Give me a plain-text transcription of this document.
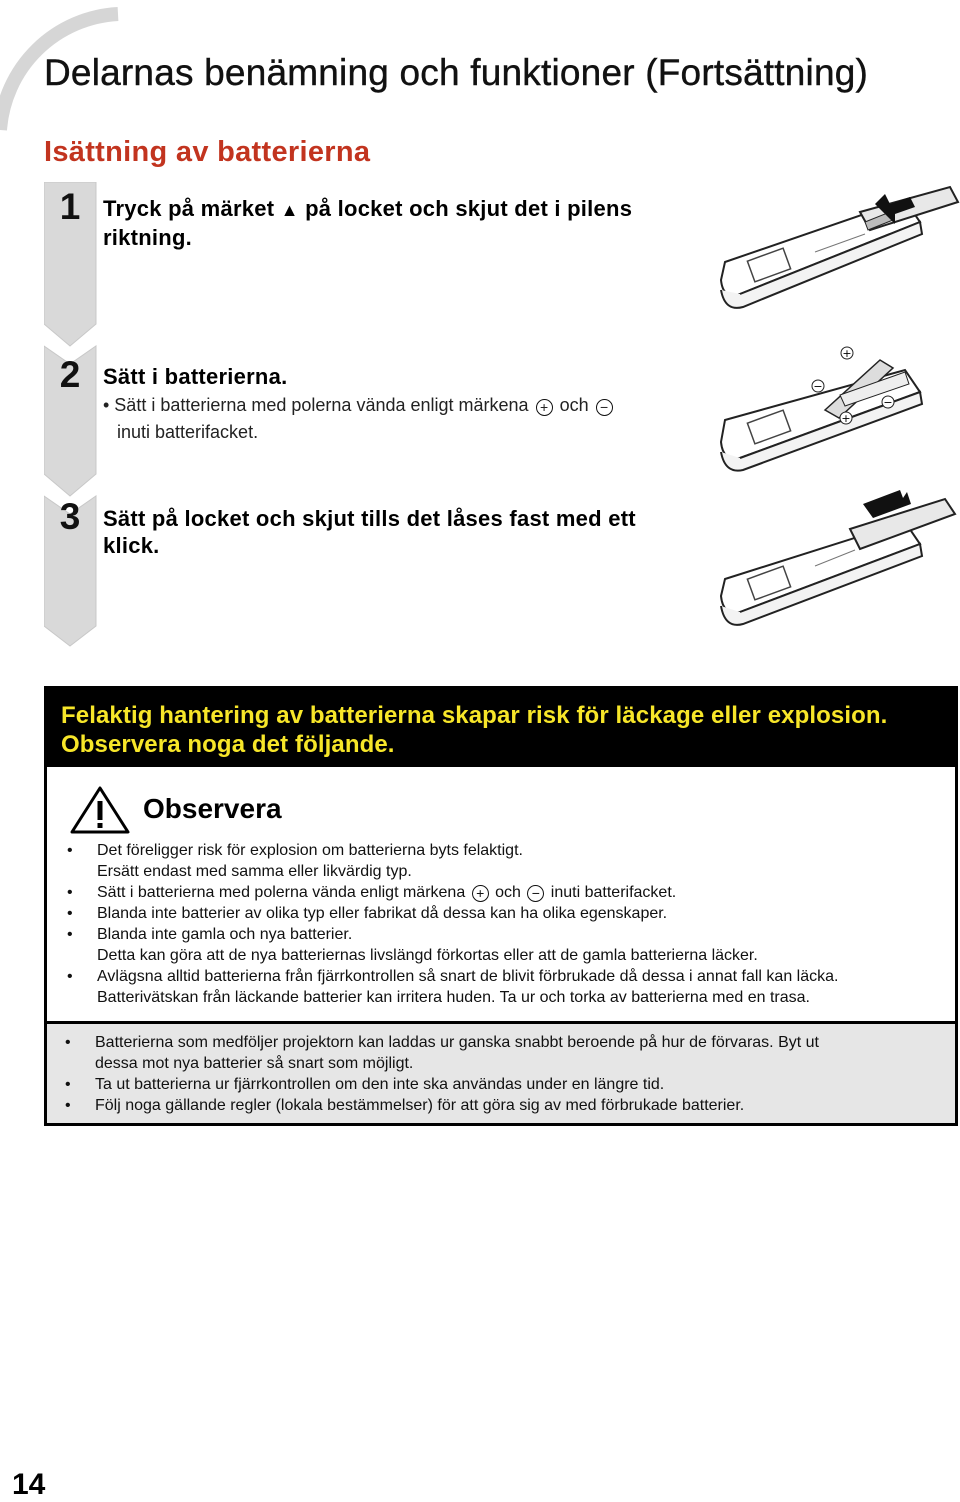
Delarnas benämning och funktioner (Fortsättning)
Isättning av batterierna
1	Tryck på märket ▲ på locket och skjut det i pilens
riktning.
2	Sätt i batterierna.
• Sätt i batterierna med polerna vända enligt märkena + och −
inuti batterifacket.
3	Sätt på locket och skjut tills det låses fast med ett
klick.
+
−
−
+
Felaktig hantering av batterierna skapar risk för läckage eller explosion.
Observera noga det följande.
Observera
• Det föreligger risk för explosion om batterierna byts felaktigt.
Ersätt endast med samma eller likvärdig typ.
• Sätt i batterierna med polerna vända enligt märkena + och − inuti batterifacket.
• Blanda inte batterier av olika typ eller fabrikat då dessa kan ha olika egenskaper.
• Blanda inte gamla och nya batterier.
Detta kan göra att de nya batteriernas livslängd förkortas eller att de gamla batterierna läcker.
• Avlägsna alltid batterierna från fjärrkontrollen så snart de blivit förbrukade då dessa i annat fall kan läcka.
Batterivätskan från läckande batterier kan irritera huden. Ta ur och torka av batterierna med en trasa.
• Batterierna som medföljer projektorn kan laddas ur ganska snabbt beroende på hur de förvaras. Byt ut
dessa mot nya batterier så snart som möjligt.
• Ta ut batterierna ur fjärrkontrollen om den inte ska användas under en längre tid.
• Följ noga gällande regler (lokala bestämmelser) för att göra sig av med förbrukade batterier.
14
